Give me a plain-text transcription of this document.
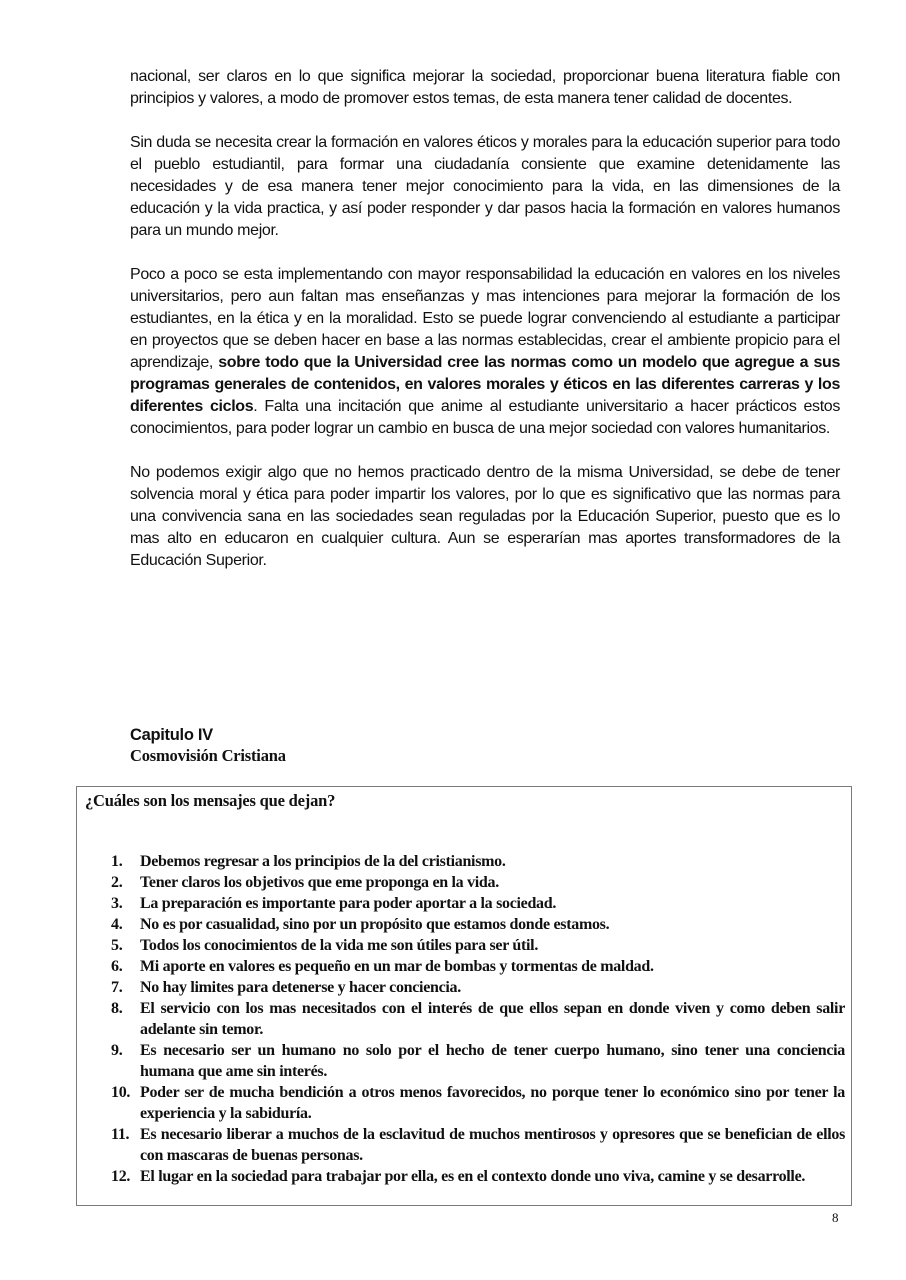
nacional, ser claros en lo que significa mejorar la sociedad, proporcionar buena literatura fiable con principios y valores, a modo de promover estos temas, de esta manera tener calidad de docentes.

Sin duda se necesita crear la formación en valores éticos y morales para la educación superior para todo el pueblo estudiantil, para formar una ciudadanía consiente que examine detenidamente las necesidades y de esa manera tener mejor conocimiento para la vida, en las dimensiones de la educación y la vida practica, y así poder responder y dar pasos hacia la formación en valores humanos para un mundo mejor.

Poco a poco se esta implementando con mayor responsabilidad la educación en valores en los niveles universitarios, pero aun faltan mas enseñanzas y mas intenciones para mejorar la formación de los estudiantes, en la ética y en la moralidad. Esto se puede lograr convenciendo al estudiante a participar en proyectos que se deben hacer en base a las normas establecidas, crear el ambiente propicio para el aprendizaje, sobre todo que la Universidad cree las normas como un modelo que agregue a sus programas generales de contenidos, en valores morales y éticos en las diferentes carreras y los diferentes ciclos. Falta una incitación que anime al estudiante universitario a hacer prácticos estos conocimientos, para poder lograr un cambio en busca de una mejor sociedad con valores humanitarios.

No podemos exigir algo que no hemos practicado dentro de la misma Universidad, se debe de tener solvencia moral y ética para poder impartir los valores, por lo que es significativo que las normas para una convivencia sana en las sociedades sean reguladas por la Educación Superior, puesto que es lo mas alto en educaron en cualquier cultura. Aun se esperarían mas aportes transformadores de la Educación Superior.

Capitulo IV
Cosmovisión Cristiana
¿Cuáles son los mensajes que dejan?
1. Debemos regresar a los principios de la del cristianismo.
2. Tener claros los objetivos que eme proponga en la vida.
3. La preparación es importante para poder aportar a la sociedad.
4. No es por casualidad, sino por un propósito que estamos donde estamos.
5. Todos los conocimientos de la vida me son útiles para ser útil.
6. Mi aporte en valores es pequeño en un mar de bombas y tormentas de maldad.
7. No hay limites para detenerse y hacer conciencia.
8. El servicio con los mas necesitados con el interés de que ellos sepan en donde viven y como deben salir adelante sin temor.
9. Es necesario ser un humano no solo por el hecho de tener cuerpo humano, sino tener una conciencia humana que ame sin interés.
10. Poder ser de mucha bendición a otros menos favorecidos, no porque tener lo económico sino por tener la experiencia y la sabiduría.
11. Es necesario liberar a muchos de la esclavitud de muchos mentirosos y opresores que se benefician de ellos con mascaras de buenas personas.
12. El lugar en la sociedad para trabajar por ella, es en el contexto donde uno viva, camine y se desarrolle.
8
